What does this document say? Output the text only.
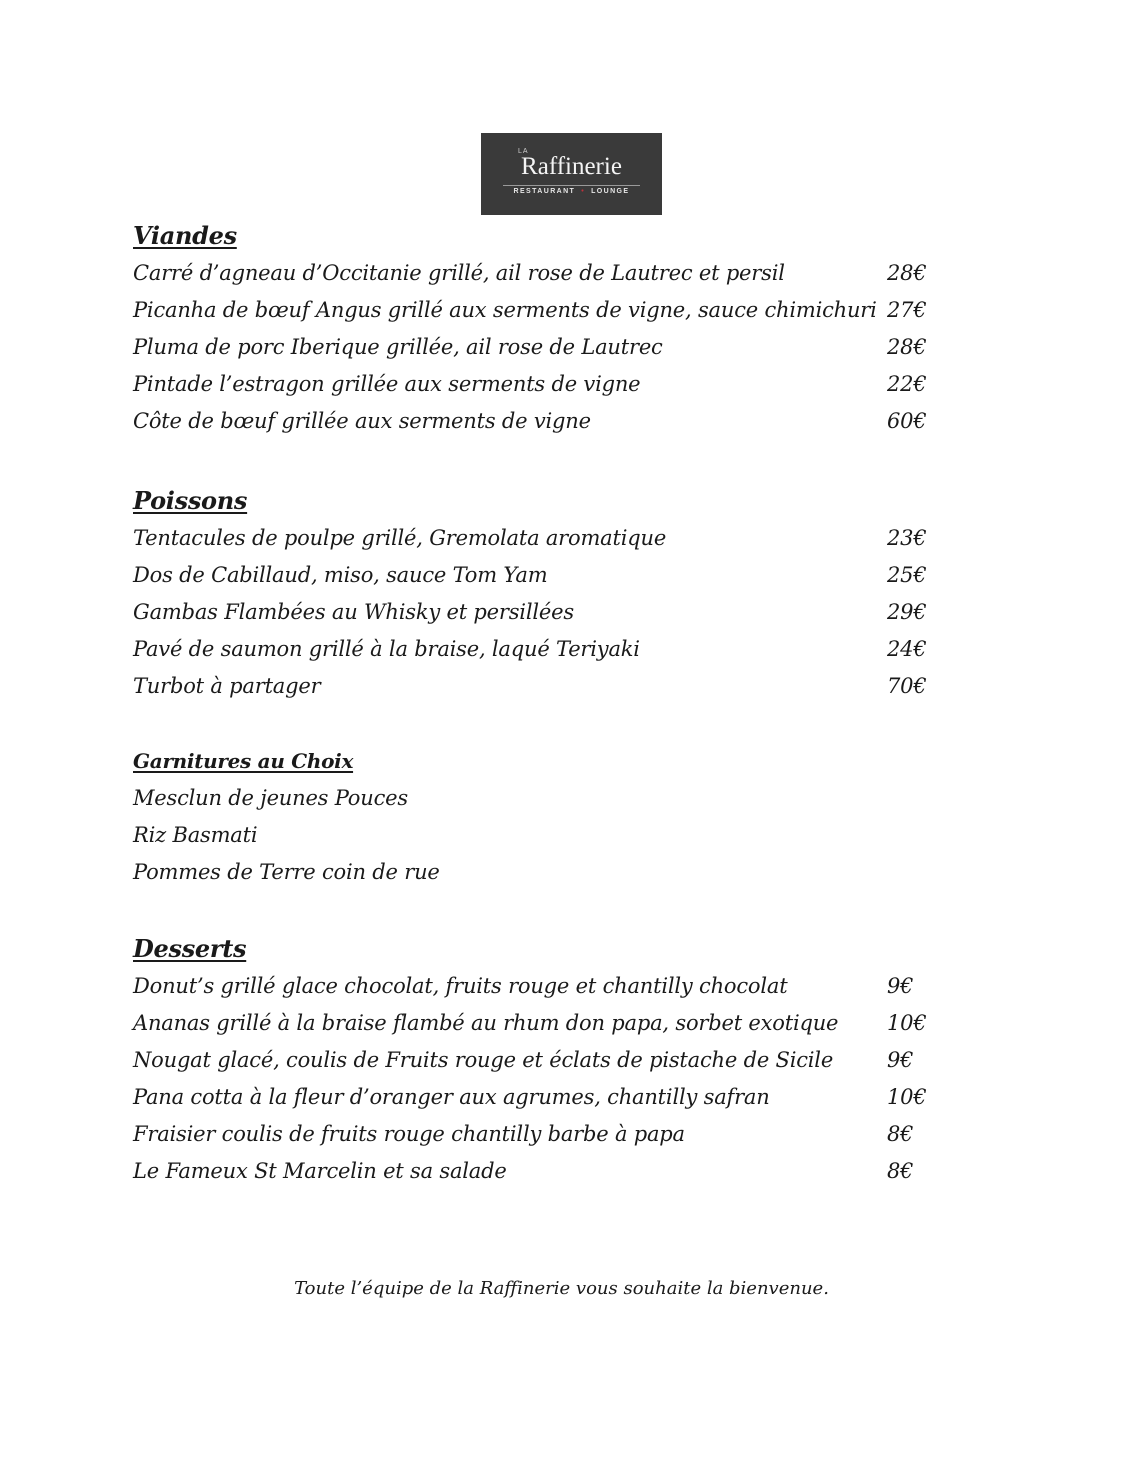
LA
Raffinerie
RESTAURANT • LOUNGE
Viandes
Carré d’agneau d’Occitanie grillé, ail rose de Lautrec et persil	28€
Picanha de bœuf Angus grillé aux serments de vigne, sauce chimichuri 27€
Pluma de porc Iberique grillée, ail rose de Lautrec	28€
Pintade l’estragon grillée aux serments de vigne	22€
Côte de bœuf grillée aux serments de vigne	60€
Poissons
Tentacules de poulpe grillé, Gremolata aromatique	23€
Dos de Cabillaud, miso, sauce Tom Yam	25€
Gambas Flambées au Whisky et persillées	29€
Pavé de saumon grillé à la braise, laqué Teriyaki	24€
Turbot à partager	70€
Garnitures au Choix
Mesclun de jeunes Pouces
Riz Basmati
Pommes de Terre coin de rue
Desserts
Donut’s grillé glace chocolat, fruits rouge et chantilly chocolat	9€
Ananas grillé à la braise flambé au rhum don papa, sorbet exotique 10€
Nougat glacé, coulis de Fruits rouge et éclats de pistache de Sicile	9€
Pana cotta à la fleur d’oranger aux agrumes, chantilly safran	10€
Fraisier coulis de fruits rouge chantilly barbe à papa	8€
Le Fameux St Marcelin et sa salade	8€
Toute l’équipe de la Raffinerie vous souhaite la bienvenue.
